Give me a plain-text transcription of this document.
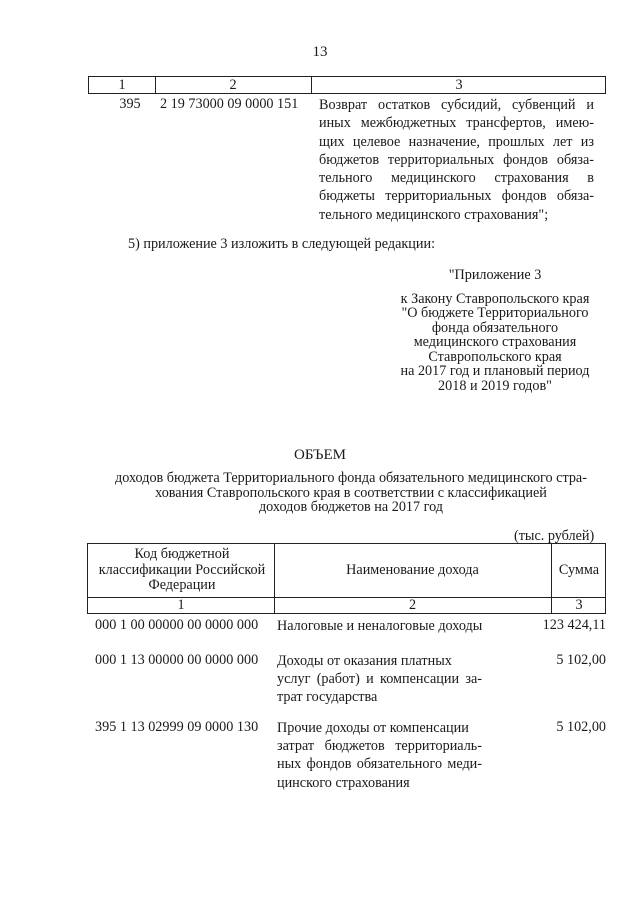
13
1	2	3
395	2 19 73000 09 0000 151	Возврат остатков субсидий, субвенций и
иных межбюджетных трансфертов, имею-
щих целевое назначение, прошлых лет из
бюджетов территориальных фондов обяза-
тельного медицинского страхования в
бюджеты территориальных фондов обяза-
тельного медицинского страхования";
5) приложение 3 изложить в следующей редакции:
"Приложение 3
к Закону Ставропольского края
"О бюджете Территориального
фонда обязательного
медицинского страхования
Ставропольского края
на 2017 год и плановый период
2018 и 2019 годов"
ОБЪЕМ
доходов бюджета Территориального фонда обязательного медицинского стра-
хования Ставропольского края в соответствии с классификацией
доходов бюджетов на 2017 год
(тыс. рублей)
Код бюджетной классификации Российской Федерации
Наименование дохода	Сумма
1	2	3
000 1 00 00000 00 0000 000	Налоговые и неналоговые доходы	123 424,11
000 1 13 00000 00 0000 000	Доходы от оказания платных
услуг (работ) и компенсации за-
трат государства
5 102,00
395 1 13 02999 09 0000 130	Прочие доходы от компенсации
затрат бюджетов территориаль-
ных фондов обязательного меди-
цинского страхования
5 102,00
